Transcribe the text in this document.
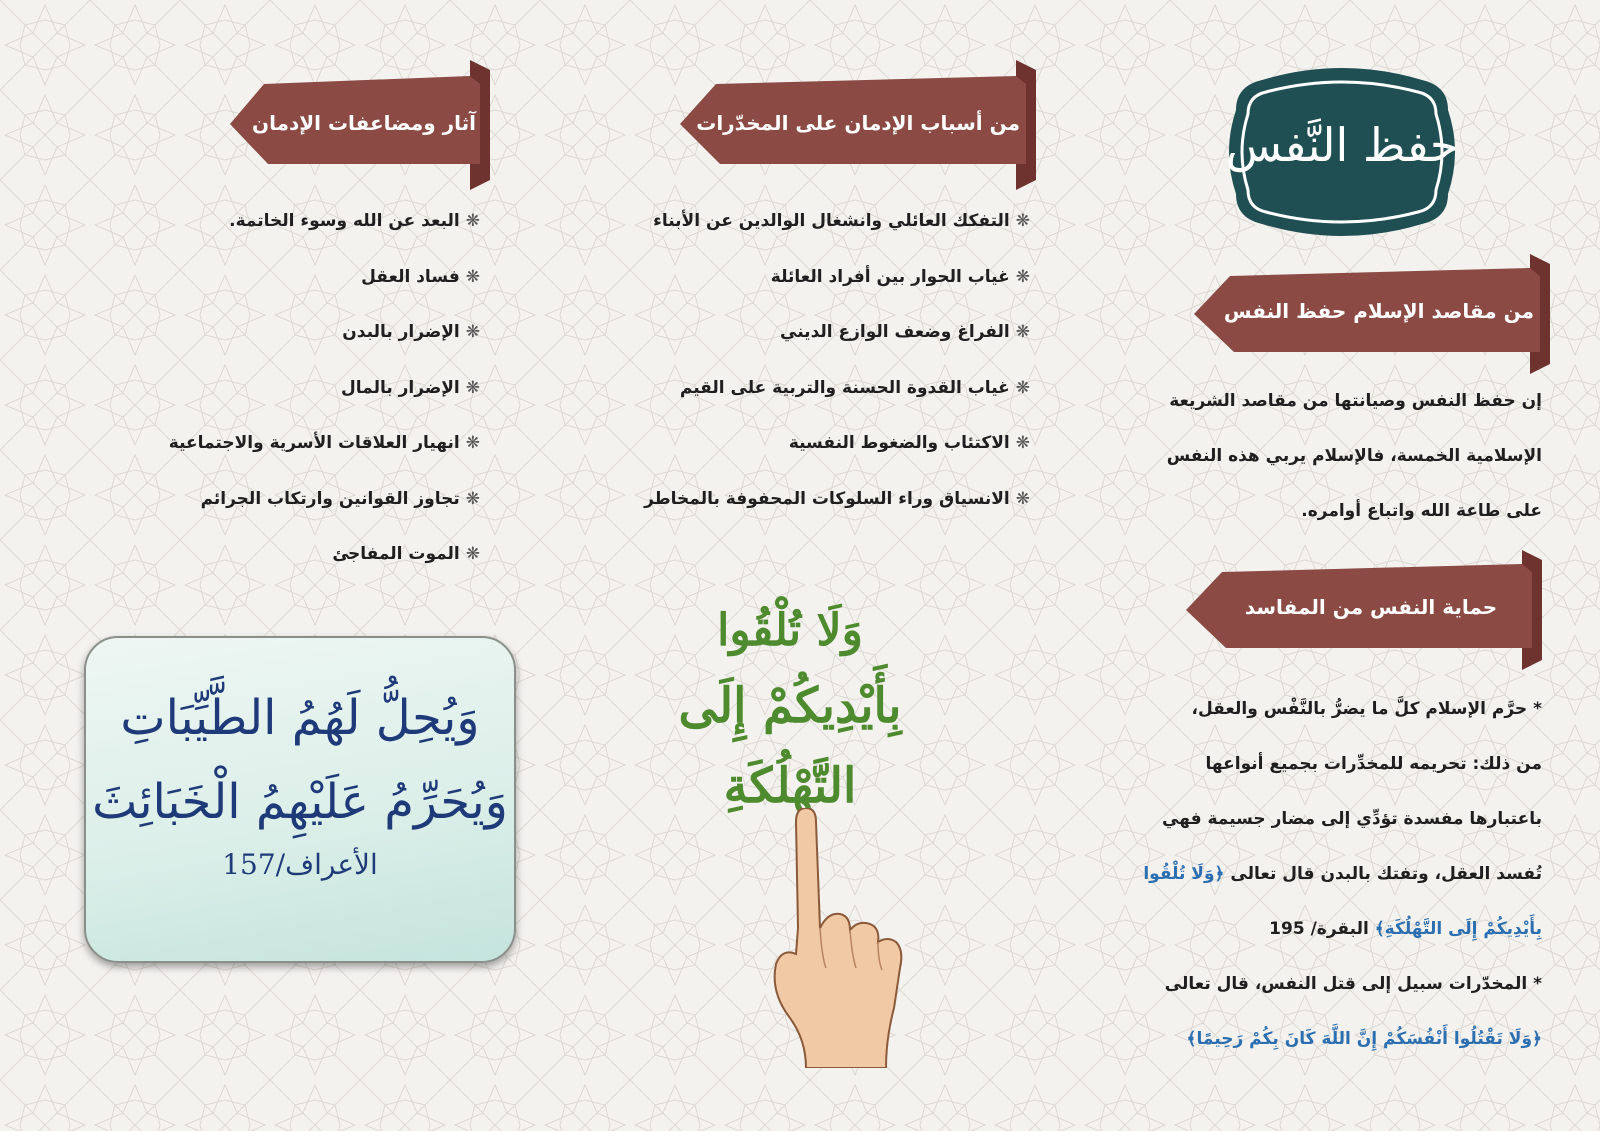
حفظ النَّفس
من مقاصد الإسلام حفظ النفس
إن حفظ النفس وصيانتها من مقاصد الشريعة
الإسلامية الخمسة، فالإسلام يربي هذه النفس
على طاعة الله واتباع أوامره.
حماية النفس من المفاسد
* حرَّم الإسلام كلَّ ما يضرُّ بالنَّفْس والعقل،
من ذلك: تحريمه للمخدِّرات بجميع أنواعها
باعتبارها مفسدة تؤدِّي إلى مضار جسيمة فهي
تُفسد العقل، وتفتك بالبدن قال تعالى ﴿وَلَا تُلْقُوا
بِأَيْدِيكُمْ إِلَى التَّهْلُكَةِ﴾ البقرة/ 195
* المخدّرات سبيل إلى قتل النفس، قال تعالى
﴿وَلَا تَقْتُلُوا أَنْفُسَكُمْ إِنَّ اللَّهَ كَانَ بِكُمْ رَحِيمًا﴾
من أسباب الإدمان على المخدّرات
❋التفكك العائلي وانشغال الوالدين عن الأبناء
❋غياب الحوار بين أفراد العائلة
❋الفراغ وضعف الوازع الديني
❋غياب القدوة الحسنة والتربية على القيم
❋الاكتئاب والضغوط النفسية
❋الانسياق وراء السلوكات المحفوفة بالمخاطر
وَلَا تُلْقُوا
بِأَيْدِيكُمْ إِلَى التَّهْلُكَةِ
آثار ومضاعفات الإدمان
❋البعد عن الله وسوء الخاتمة.
❋فساد العقل
❋الإضرار بالبدن
❋الإضرار بالمال
❋انهيار العلاقات الأسرية والاجتماعية
❋تجاوز القوانين وارتكاب الجرائم
❋الموت المفاجئ
وَيُحِلُّ لَهُمُ الطَّيِّبَاتِ
وَيُحَرِّمُ عَلَيْهِمُ الْخَبَائِثَ
الأعراف/157
